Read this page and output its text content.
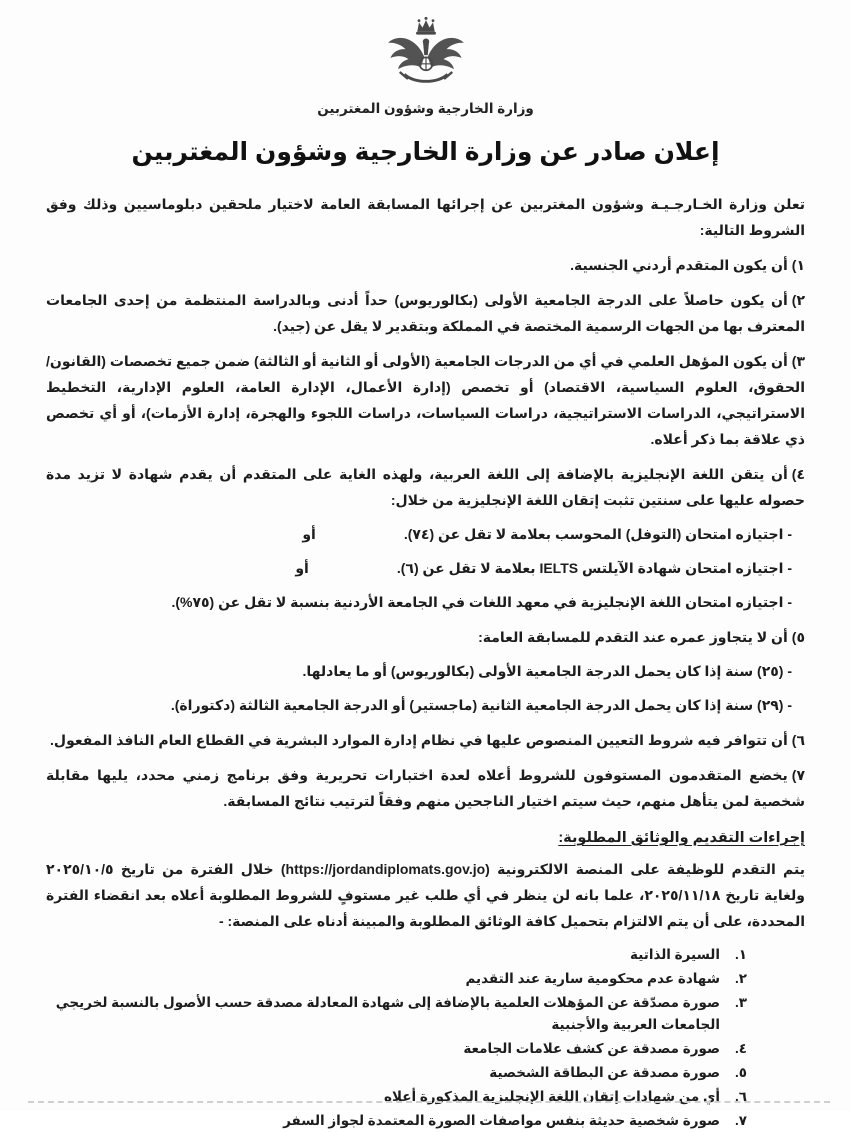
وزارة الخارجية وشؤون المغتربين
إعلان صادر عن وزارة الخارجية وشؤون المغتربين

تعلن وزارة الخـارجـيـة وشؤون المغتربين عن إجرائها المسابقة العامة لاختيار ملحقين دبلوماسيين وذلك وفق الشروط التالية:

١)أن يكون المتقدم أردني الجنسية.

٢)أن يكون حاصلاً على الدرجة الجامعية الأولى (بكالوريوس) حداً أدنى وبالدراسة المنتظمة من إحدى الجامعات المعترف بها من الجهات الرسمية المختصة في المملكة وبتقدير لا يقل عن (جيد).

٣)أن يكون المؤهل العلمي في أي من الدرجات الجامعية (الأولى أو الثانية أو الثالثة) ضمن جميع تخصصات (القانون/ الحقوق، العلوم السياسية، الاقتصاد) أو تخصص (إدارة الأعمال، الإدارة العامة، العلوم الإدارية، التخطيط الاستراتيجي، الدراسات الاستراتيجية، دراسات السياسات، دراسات اللجوء والهجرة، إدارة الأزمات)، أو أي تخصص ذي علاقة بما ذكر أعلاه.

٤)أن يتقن اللغة الإنجليزية بالإضافة إلى اللغة العربية، ولهذه الغاية على المتقدم أن يقدم شهادة لا تزيد مدة حصوله عليها على سنتين تثبت إتقان اللغة الإنجليزية من خلال:

- اجتيازه امتحان (التوفل) المحوسب بعلامة لا تقل عن (٧٤).
أو
- اجتيازه امتحان شهادة الآيلتس IELTS بعلامة لا تقل عن (٦).
أو
- اجتيازه امتحان اللغة الإنجليزية في معهد اللغات في الجامعة الأردنية بنسبة لا تقل عن (٧٥%).

٥)أن لا يتجاوز عمره عند التقدم للمسابقة العامة:

- (٢٥) سنة إذا كان يحمل الدرجة الجامعية الأولى (بكالوريوس) أو ما يعادلها.
- (٢٩) سنة إذا كان يحمل الدرجة الجامعية الثانية (ماجستير) أو الدرجة الجامعية الثالثة (دكتوراة).

٦)أن تتوافر فيه شروط التعيين المنصوص عليها في نظام إدارة الموارد البشرية في القطاع العام النافذ المفعول.

٧)يخضع المتقدمون المستوفون للشروط أعلاه لعدة اختبارات تحريرية وفق برنامج زمني محدد، يليها مقابلة شخصية لمن يتأهل منهم، حيث سيتم اختيار الناجحين منهم وفقاً لترتيب نتائج المسابقة.

إجراءات التقديم والوثائق المطلوبة:

يتم التقدم للوظيفة على المنصة الالكترونية (https://jordandiplomats.gov.jo) خلال الفترة من تاريخ ٢٠٢٥/١٠/٥ ولغاية تاريخ ٢٠٢٥/١١/١٨، علما بانه لن ينظر في أي طلب غير مستوفٍ للشروط المطلوبة أعلاه بعد انقضاء الفترة المحددة، على أن يتم الالتزام بتحميل كافة الوثائق المطلوبة والمبينة أدناه على المنصة: -

١.
السيرة الذاتية
٢.
شهادة عدم محكومية سارية عند التقديم
٣.
صورة مصدّقة عن المؤهلات العلمية بالإضافة إلى شهادة المعادلة مصدقة حسب الأصول بالنسبة لخريجي الجامعات العربية والأجنبية
٤.
صورة مصدقة عن كشف علامات الجامعة
٥.
صورة مصدقة عن البطاقة الشخصية
٦.
أي من شهادات إتقان اللغة الإنجليزية المذكورة أعلاه
٧.
صورة شخصية حديثة بنفس مواصفات الصورة المعتمدة لجواز السفر
